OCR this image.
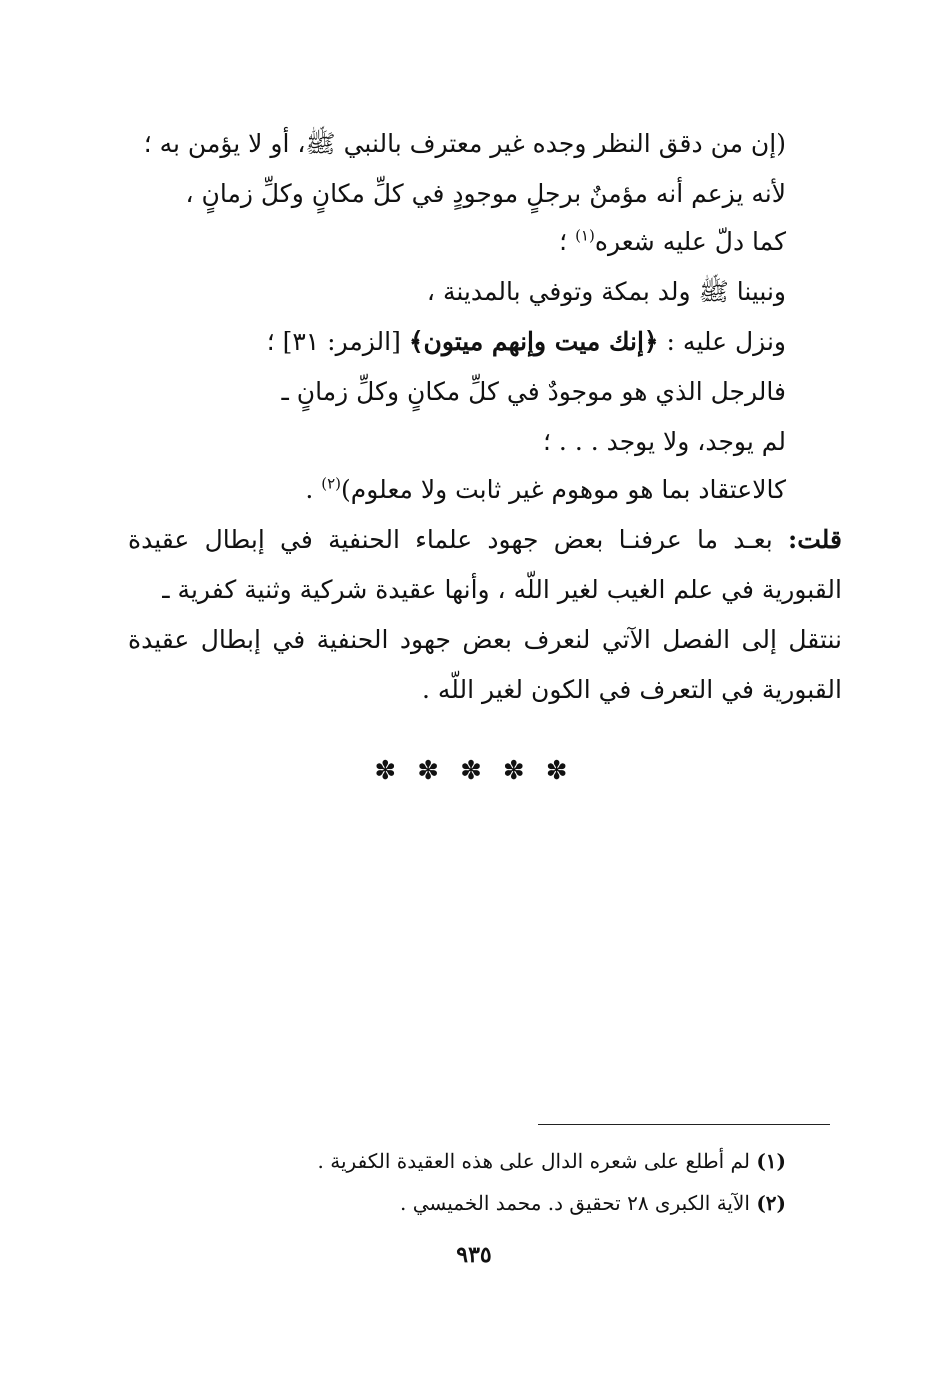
(إن من دقق النظر وجده غير معترف بالنبي ﷺ، أو لا يؤمن به ؛
لأنه يزعم أنه مؤمنٌ برجلٍ موجودٍ في كلِّ مكانٍ وكلِّ زمانٍ ،
كما دلّ عليه شعره$^{(١)}$ ؛
ونبينا ﷺ ولد بمكة وتوفي بالمدينة ،
ونزل عليه : ﴿إنك ميت وإنهم ميتون﴾ [الزمر: ٣١] ؛
فالرجل الذي هو موجودٌ في كلِّ مكانٍ وكلِّ زمانٍ ـ
لم يوجد، ولا يوجد . . . ؛
كالاعتقاد بما هو موهوم غير ثابت ولا معلوم)$^{(٢)}$ .
قلت: بعـد ما عرفنـا بعض جهود علماء الحنفية في إبطال عقيدة
القبورية في علم الغيب لغير اللّه ، وأنها عقيدة شركية وثنية كفرية ـ
ننتقل إلى الفصل الآتي لنعرف بعض جهود الحنفية في إبطال عقيدة
القبورية في التعرف في الكون لغير اللّه .
✽ ✽ ✽ ✽ ✽
(١) لم أطلع على شعره الدال على هذه العقيدة الكفرية .
(٢) الآية الكبرى ٢٨ تحقيق د. محمد الخميسي .
٩٣٥
